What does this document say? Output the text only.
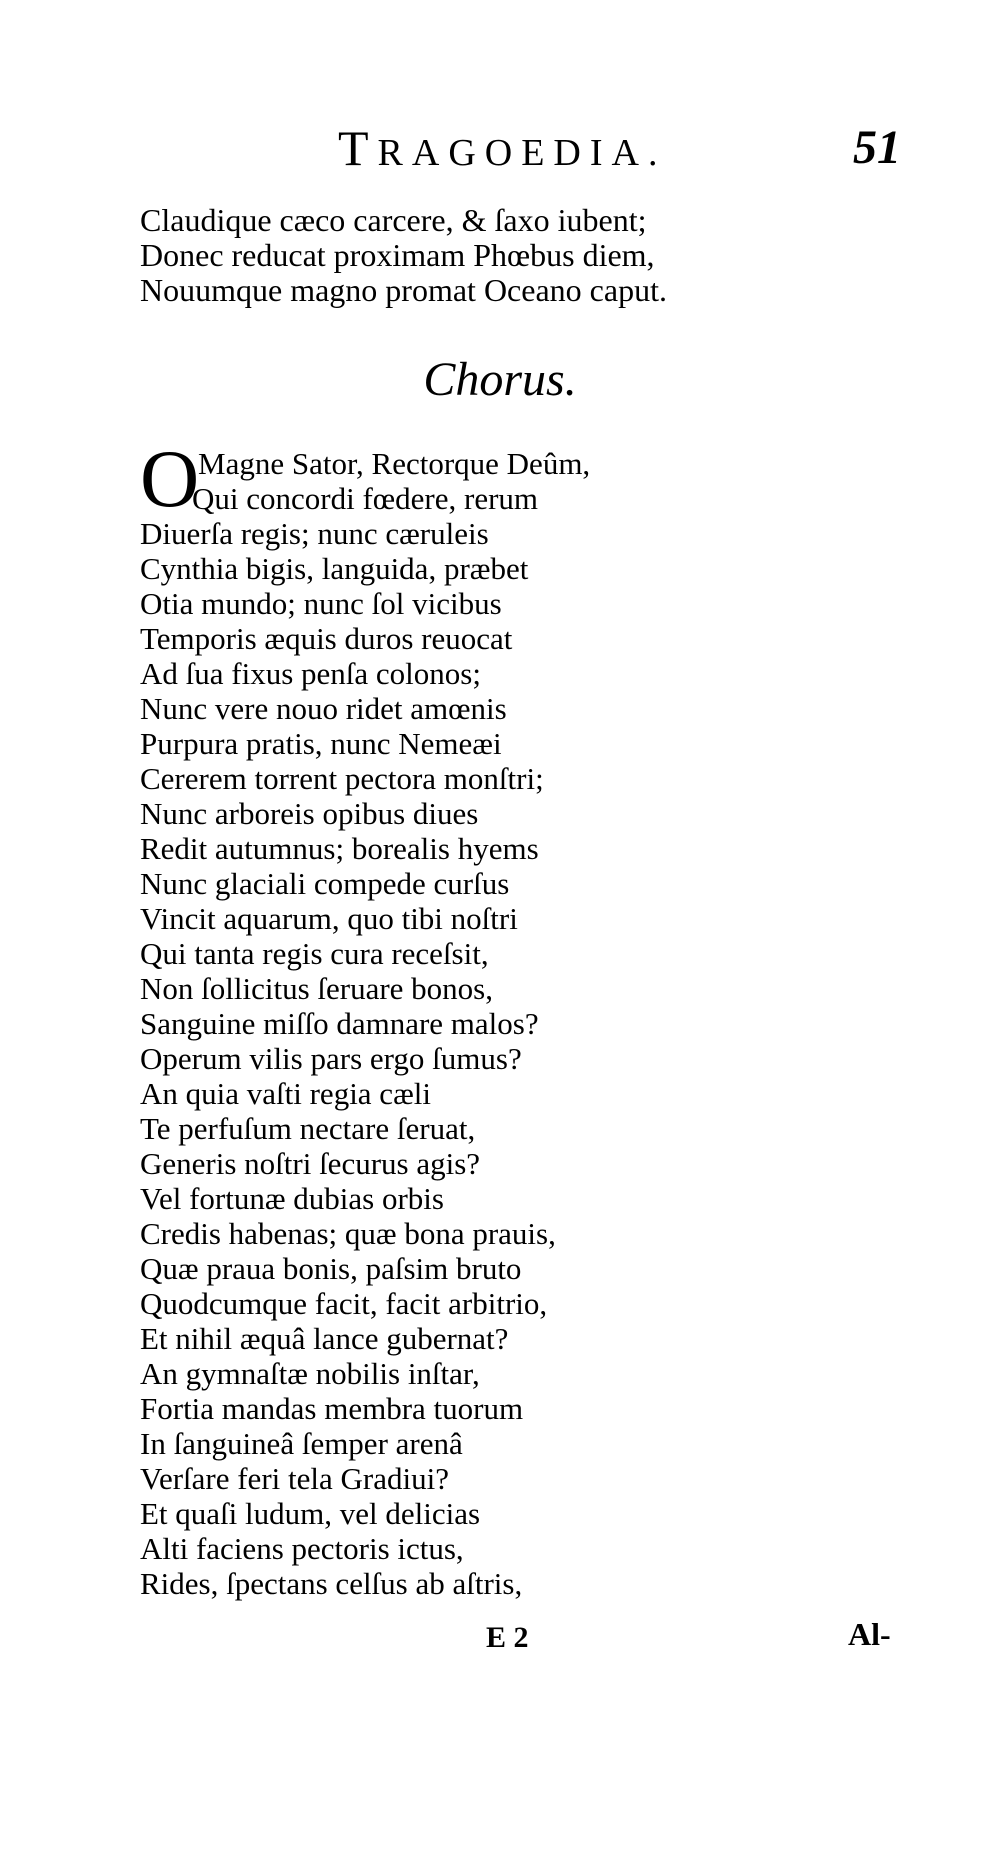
TRAGOEDIA.	51
Claudique cæco carcere, & ſaxo iubent;
Donec reducat proximam Phœbus diem,
Nouumque magno promat Oceano caput.
Chorus.
O
Magne Sator, Rectorque Deûm,
Qui concordi fœdere, rerum
Diuerſa regis; nunc cæruleis
Cynthia bigis, languida, præbet
Otia mundo; nunc ſol vicibus
Temporis æquis duros reuocat
Ad ſua fixus penſa colonos;
Nunc vere nouo ridet amœnis
Purpura pratis, nunc Nemeæi
Cererem torrent pectora monſtri;
Nunc arboreis opibus diues
Redit autumnus; borealis hyems
Nunc glaciali compede curſus
Vincit aquarum, quo tibi noſtri
Qui tanta regis cura receſsit,
Non ſollicitus ſeruare bonos,
Sanguine miſſo damnare malos?
Operum vilis pars ergo ſumus?
An quia vaſti regia cæli
Te perfuſum nectare ſeruat,
Generis noſtri ſecurus agis?
Vel fortunæ dubias orbis
Credis habenas; quæ bona prauis,
Quæ praua bonis, paſsim bruto
Quodcumque facit, facit arbitrio,
Et nihil æquâ lance gubernat?
An gymnaſtæ nobilis inſtar,
Fortia mandas membra tuorum
In ſanguineâ ſemper arenâ
Verſare feri tela Gradiui?
Et quaſi ludum, vel delicias
Alti faciens pectoris ictus,
Rides, ſpectans celſus ab aſtris,
E 2	Al-
